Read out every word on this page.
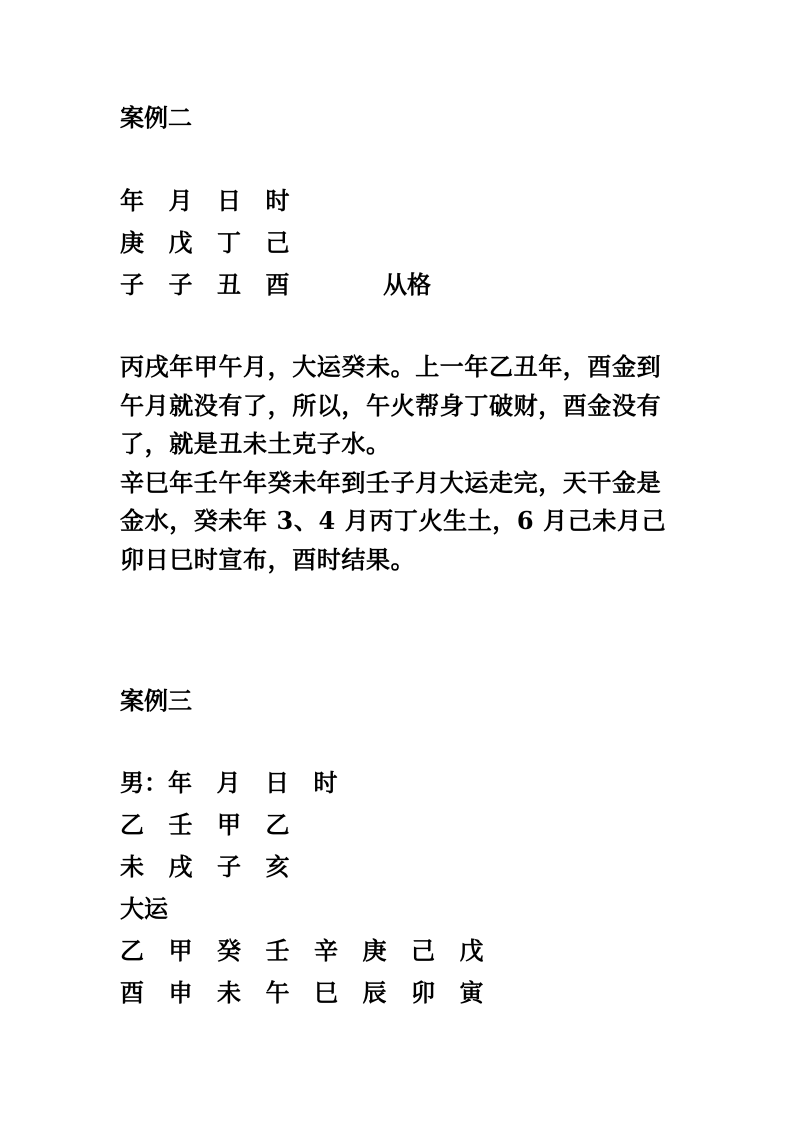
案例二
年	月	日	时
庚	戊	丁	己
子	子	丑	酉	从格

丙戌年甲午月，大运癸未。上一年乙丑年，酉金到午月就没有了，所以，午火帮身丁破财，酉金没有了，就是丑未土克子水。

辛巳年壬午年癸未年到壬子月大运走完，天干金是金水，癸未年 3、4 月丙丁火生土，6 月己未月己卯日巳时宣布，酉时结果。

案例三
男：年 月 日 时
乙	壬	甲	乙
未	戌	子	亥
大运
乙	甲	癸	壬	辛	庚	己	戊
酉	申	未	午	巳	辰	卯	寅
